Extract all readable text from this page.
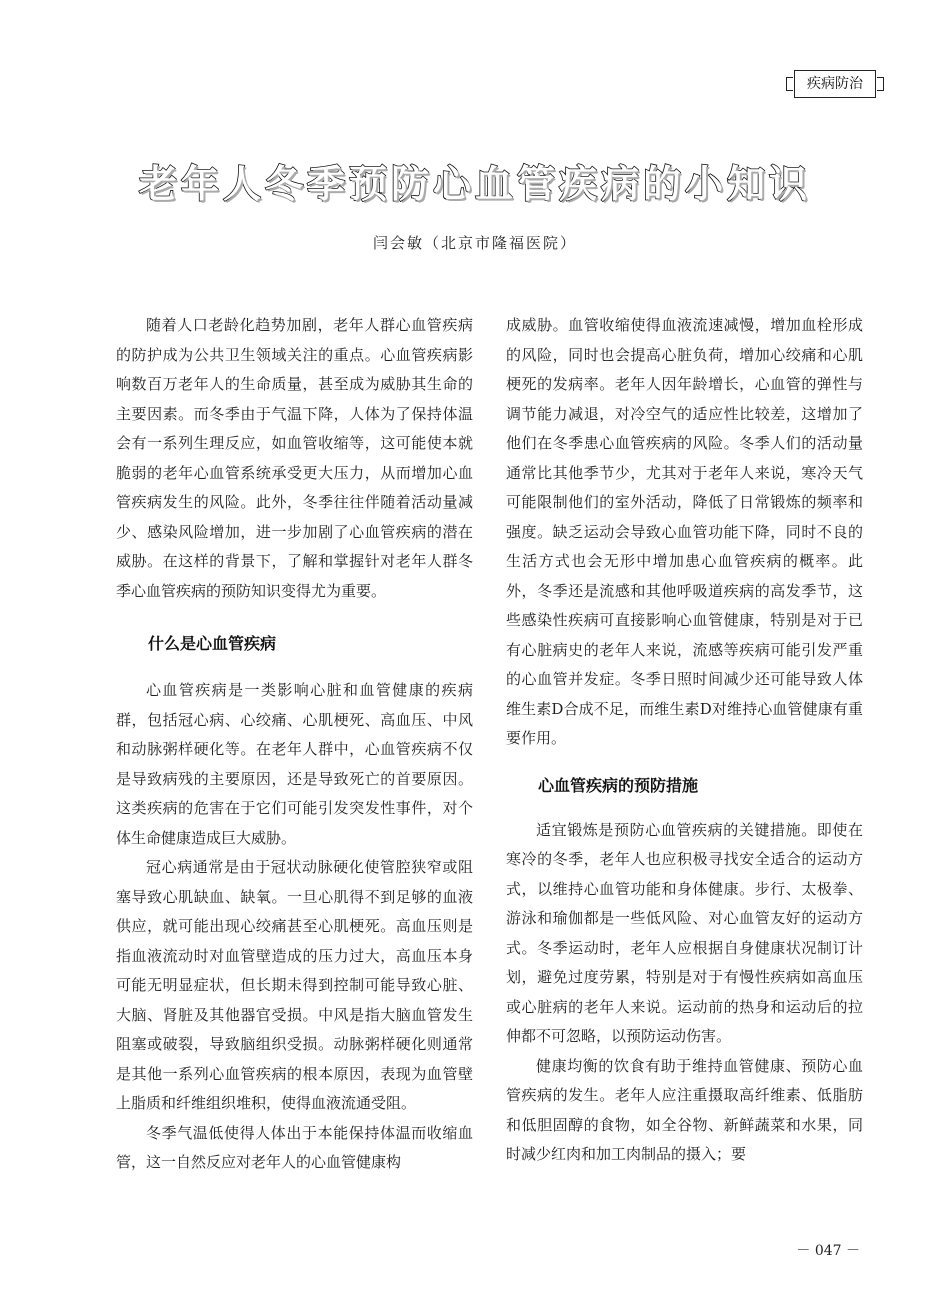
疾病防治
老年人冬季预防心血管疾病的小知识
闫会敏（北京市隆福医院）

随着人口老龄化趋势加剧，老年人群心血管疾病的防护成为公共卫生领域关注的重点。心血管疾病影响数百万老年人的生命质量，甚至成为威胁其生命的主要因素。而冬季由于气温下降，人体为了保持体温会有一系列生理反应，如血管收缩等，这可能使本就脆弱的老年心血管系统承受更大压力，从而增加心血管疾病发生的风险。此外，冬季往往伴随着活动量减少、感染风险增加，进一步加剧了心血管疾病的潜在威胁。在这样的背景下，了解和掌握针对老年人群冬季心血管疾病的预防知识变得尤为重要。

什么是心血管疾病

心血管疾病是一类影响心脏和血管健康的疾病群，包括冠心病、心绞痛、心肌梗死、高血压、中风和动脉粥样硬化等。在老年人群中，心血管疾病不仅是导致病残的主要原因，还是导致死亡的首要原因。这类疾病的危害在于它们可能引发突发性事件，对个体生命健康造成巨大威胁。

冠心病通常是由于冠状动脉硬化使管腔狭窄或阻塞导致心肌缺血、缺氧。一旦心肌得不到足够的血液供应，就可能出现心绞痛甚至心肌梗死。高血压则是指血液流动时对血管壁造成的压力过大，高血压本身可能无明显症状，但长期未得到控制可能导致心脏、大脑、肾脏及其他器官受损。中风是指大脑血管发生阻塞或破裂，导致脑组织受损。动脉粥样硬化则通常是其他一系列心血管疾病的根本原因，表现为血管壁上脂质和纤维组织堆积，使得血液流通受阻。

冬季气温低使得人体出于本能保持体温而收缩血管，这一自然反应对老年人的心血管健康构

成威胁。血管收缩使得血液流速减慢，增加血栓形成的风险，同时也会提高心脏负荷，增加心绞痛和心肌梗死的发病率。老年人因年龄增长，心血管的弹性与调节能力减退，对冷空气的适应性比较差，这增加了他们在冬季患心血管疾病的风险。冬季人们的活动量通常比其他季节少，尤其对于老年人来说，寒冷天气可能限制他们的室外活动，降低了日常锻炼的频率和强度。缺乏运动会导致心血管功能下降，同时不良的生活方式也会无形中增加患心血管疾病的概率。此外，冬季还是流感和其他呼吸道疾病的高发季节，这些感染性疾病可直接影响心血管健康，特别是对于已有心脏病史的老年人来说，流感等疾病可能引发严重的心血管并发症。冬季日照时间减少还可能导致人体维生素D合成不足，而维生素D对维持心血管健康有重要作用。

心血管疾病的预防措施

适宜锻炼是预防心血管疾病的关键措施。即使在寒冷的冬季，老年人也应积极寻找安全适合的运动方式，以维持心血管功能和身体健康。步行、太极拳、游泳和瑜伽都是一些低风险、对心血管友好的运动方式。冬季运动时，老年人应根据自身健康状况制订计划，避免过度劳累，特别是对于有慢性疾病如高血压或心脏病的老年人来说。运动前的热身和运动后的拉伸都不可忽略，以预防运动伤害。

健康均衡的饮食有助于维持血管健康、预防心血管疾病的发生。老年人应注重摄取高纤维素、低脂肪和低胆固醇的食物，如全谷物、新鲜蔬菜和水果，同时减少红肉和加工肉制品的摄入；要

－ 047 －
